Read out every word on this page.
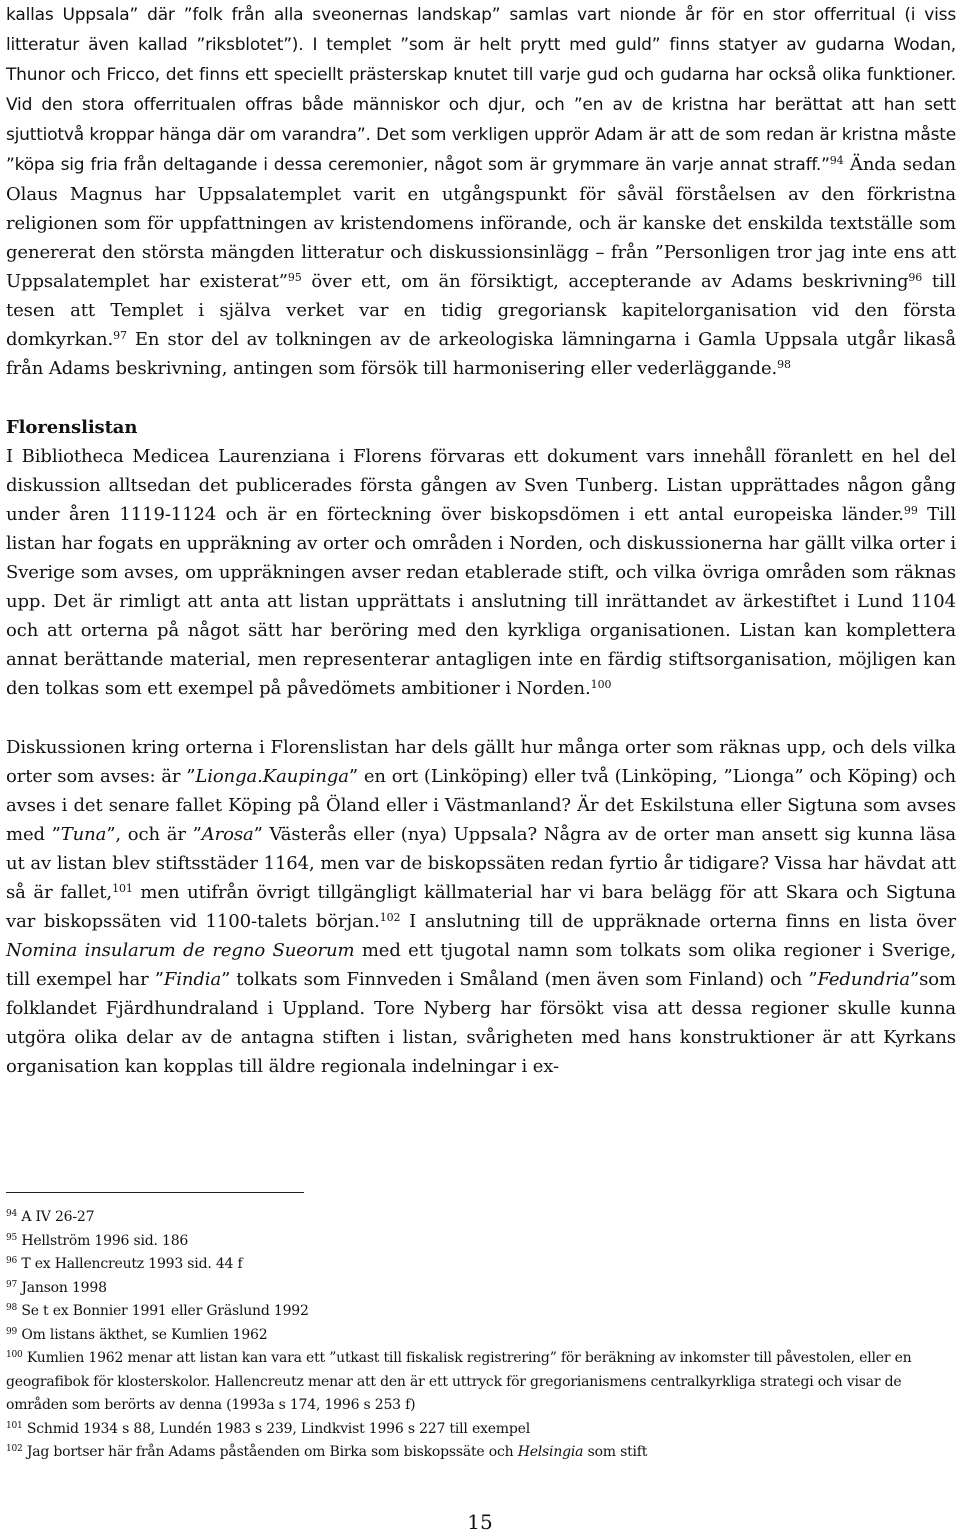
kallas Uppsala” där ”folk från alla sveonernas landskap” samlas vart nionde år för en stor offerritual (i viss litteratur även kallad ”riksblotet”). I templet ”som är helt prytt med guld” finns statyer av gudarna Wodan, Thunor och Fricco, det finns ett speciellt prästerskap knutet till varje gud och gudarna har också olika funktioner. Vid den stora offerritualen offras både människor och djur, och ”en av de kristna har berättat att han sett sjuttiotvå kroppar hänga där om varandra”. Det som verkligen upprör Adam är att de som redan är kristna måste ”köpa sig fria från deltagande i dessa ceremonier, något som är grymmare än varje annat straff.”$^{94}$ Ända sedan Olaus Magnus har Uppsalatemplet varit en utgångspunkt för såväl förståelsen av den förkristna religionen som för uppfattningen av kristendomens införande, och är kanske det enskilda textställe som genererat den största mängden litteratur och diskussionsinlägg – från ”Personligen tror jag inte ens att Uppsalatemplet har existerat”$^{95}$ över ett, om än försiktigt, accepterande av Adams beskrivning$^{96}$ till tesen att Templet i själva verket var en tidig gregoriansk kapitelorganisation vid den första domkyrkan.$^{97}$ En stor del av tolkningen av de arkeologiska lämningarna i Gamla Uppsala utgår likaså från Adams beskrivning, antingen som försök till harmonisering eller vederläggande.$^{98}$

Florenslistan

I Bibliotheca Medicea Laurenziana i Florens förvaras ett dokument vars innehåll föranlett en hel del diskussion alltsedan det publicerades första gången av Sven Tunberg. Listan upprättades någon gång under åren 1119-1124 och är en förteckning över biskopsdömen i ett antal europeiska länder.$^{99}$ Till listan har fogats en uppräkning av orter och områden i Norden, och diskussionerna har gällt vilka orter i Sverige som avses, om uppräkningen avser redan etablerade stift, och vilka övriga områden som räknas upp. Det är rimligt att anta att listan upprättats i anslutning till inrättandet av ärkestiftet i Lund 1104 och att orterna på något sätt har beröring med den kyrkliga organisationen. Listan kan komplettera annat berättande material, men representerar antagligen inte en färdig stiftsorganisation, möjligen kan den tolkas som ett exempel på påvedömets ambitioner i Norden.$^{100}$

Diskussionen kring orterna i Florenslistan har dels gällt hur många orter som räknas upp, och dels vilka orter som avses: är ”Lionga.Kaupinga” en ort (Linköping) eller två (Linköping, ”Lionga” och Köping) och avses i det senare fallet Köping på Öland eller i Västmanland? Är det Eskilstuna eller Sigtuna som avses med ”Tuna”, och är ”Arosa” Västerås eller (nya) Uppsala? Några av de orter man ansett sig kunna läsa ut av listan blev stiftsstäder 1164, men var de biskopssäten redan fyrtio år tidigare? Vissa har hävdat att så är fallet,$^{101}$ men utifrån övrigt tillgängligt källmaterial har vi bara belägg för att Skara och Sigtuna var biskopssäten vid 1100-talets början.$^{102}$ I anslutning till de uppräknade orterna finns en lista över Nomina insularum de regno Sueorum med ett tjugotal namn som tolkats som olika regioner i Sverige, till exempel har ”Findia” tolkats som Finnveden i Småland (men även som Finland) och ”Fedundria”som folklandet Fjärdhundraland i Uppland. Tore Nyberg har försökt visa att dessa regioner skulle kunna utgöra olika delar av de antagna stiften i listan, svårigheten med hans konstruktioner är att Kyrkans organisation kan kopplas till äldre regionala indelningar i ex-

$^{94}$ A IV 26-27

$^{95}$ Hellström 1996 sid. 186

$^{96}$ T ex Hallencreutz 1993 sid. 44 f

$^{97}$ Janson 1998

$^{98}$ Se t ex Bonnier 1991 eller Gräslund 1992

$^{99}$ Om listans äkthet, se Kumlien 1962

$^{100}$ Kumlien 1962 menar att listan kan vara ett ”utkast till fiskalisk registrering” för beräkning av inkomster till påvestolen, eller en geografibok för klosterskolor. Hallencreutz menar att den är ett uttryck för gregorianismens centralkyrkliga strategi och visar de områden som berörts av denna (1993a s 174, 1996 s 253 f)

$^{101}$ Schmid 1934 s 88, Lundén 1983 s 239, Lindkvist 1996 s 227 till exempel

$^{102}$ Jag bortser här från Adams påståenden om Birka som biskopssäte och Helsingia som stift

15
